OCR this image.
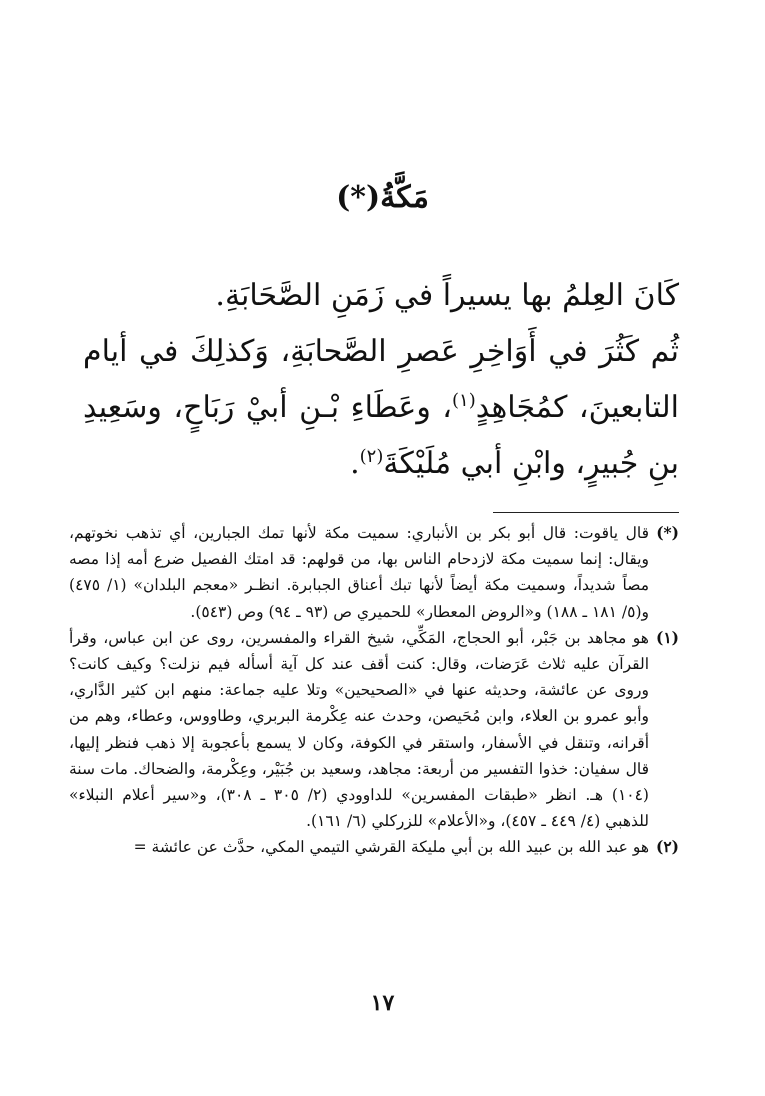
مَكَّةُ(*)

كَانَ العِلمُ بها يسيراً في زَمَنِ الصَّحَابَةِ.

ثُم كَثُرَ في أَوَاخِرِ عَصرِ الصَّحابَةِ، وَكذلِكَ في أيام التابعينَ، كمُجَاهِدٍ$^{(١)}$، وعَطَاءِ بْـنِ أبيْ رَبَاحٍ، وسَعِيدِ بنِ جُبيرٍ، وابْنِ أبي مُلَيْكَةَ$^{(٢)}$.

(*)قال ياقوت: قال أبو بكر بن الأنباري: سميت مكة لأنها تمك الجبارين، أي تذهب نخوتهم، ويقال: إنما سميت مكة لازدحام الناس بها، من قولهم: قد امتك الفصيل ضرع أمه إذا مصه مصاً شديداً، وسميت مكة أيضاً لأنها تبك أعناق الجبابرة. انظـر «معجم البلدان» (١/ ٤٧٥) و(٥/ ١٨١ ـ ١٨٨) و«الروض المعطار» للحميري ص (٩٣ ـ ٩٤) وص (٥٤٣).

(١)هو مجاهد بن جَبْر، أبو الحجاج، المَكِّي، شيخ القراء والمفسرين، روى عن ابن عباس، وقرأ القرآن عليه ثلاث عَرَضات، وقال: كنت أقف عند كل آية أسأله فيم نزلت؟ وكيف كانت؟ وروى عن عائشة، وحديثه عنها في «الصحيحين» وتلا عليه جماعة: منهم ابن كثير الدَّاري، وأبو عمرو بن العلاء، وابن مُحَيصن، وحدث عنه عِكْرمة البربري، وطاووس، وعطاء، وهم من أقرانه، وتنقل في الأسفار، واستقر في الكوفة، وكان لا يسمع بأعجوبة إلا ذهب فنظر إليها، قال سفيان: خذوا التفسير من أربعة: مجاهد، وسعيد بن جُبَيْر، وعِكْرمة، والضحاك. مات سنة (١٠٤) هـ. انظر «طبقات المفسرين» للداوودي (٢/ ٣٠٥ ـ ٣٠٨)، و«سير أعلام النبلاء» للذهبي (٤/ ٤٤٩ ـ ٤٥٧)، و«الأعلام» للزركلي (٦/ ١٦١).

(٢)هو عبد الله بن عبيد الله بن أبي مليكة القرشي التيمي المكي، حدَّث عن عائشة =

١٧
